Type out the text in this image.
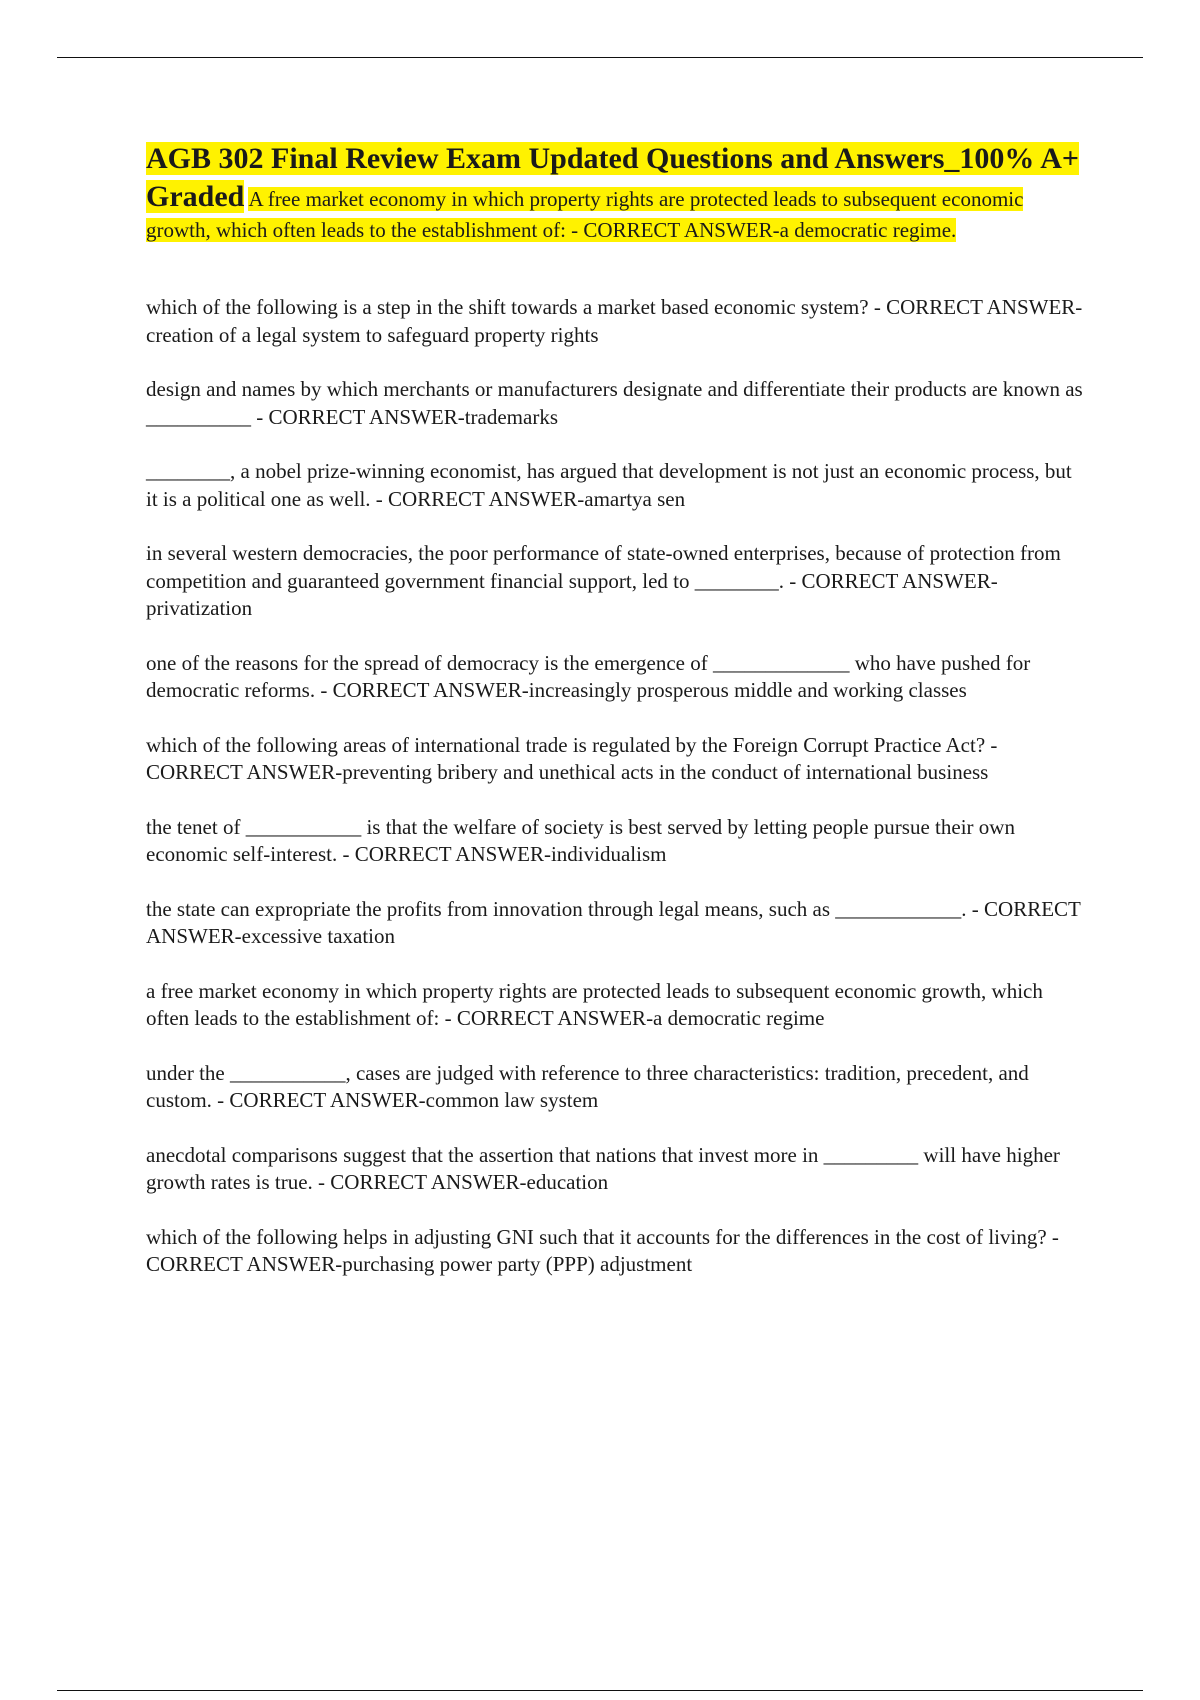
AGB 302 Final Review Exam Updated Questions and Answers_100% A+ Graded A free market economy in which property rights are protected leads to subsequent economic growth, which often leads to the establishment of: - CORRECT ANSWER-a democratic regime.

which of the following is a step in the shift towards a market based economic system? - CORRECT ANSWER-creation of a legal system to safeguard property rights

design and names by which merchants or manufacturers designate and differentiate their products are known as __________ - CORRECT ANSWER-trademarks

________, a nobel prize-winning economist, has argued that development is not just an economic process, but it is a political one as well. - CORRECT ANSWER-amartya sen

in several western democracies, the poor performance of state-owned enterprises, because of protection from competition and guaranteed government financial support, led to ________. - CORRECT ANSWER-privatization

one of the reasons for the spread of democracy is the emergence of _____________ who have pushed for democratic reforms. - CORRECT ANSWER-increasingly prosperous middle and working classes

which of the following areas of international trade is regulated by the Foreign Corrupt Practice Act? - CORRECT ANSWER-preventing bribery and unethical acts in the conduct of international business

the tenet of ___________ is that the welfare of society is best served by letting people pursue their own economic self-interest. - CORRECT ANSWER-individualism

the state can expropriate the profits from innovation through legal means, such as ____________. - CORRECT ANSWER-excessive taxation

a free market economy in which property rights are protected leads to subsequent economic growth, which often leads to the establishment of: - CORRECT ANSWER-a democratic regime

under the ___________, cases are judged with reference to three characteristics: tradition, precedent, and custom. - CORRECT ANSWER-common law system

anecdotal comparisons suggest that the assertion that nations that invest more in _________ will have higher growth rates is true. - CORRECT ANSWER-education

which of the following helps in adjusting GNI such that it accounts for the differences in the cost of living? - CORRECT ANSWER-purchasing power party (PPP) adjustment
